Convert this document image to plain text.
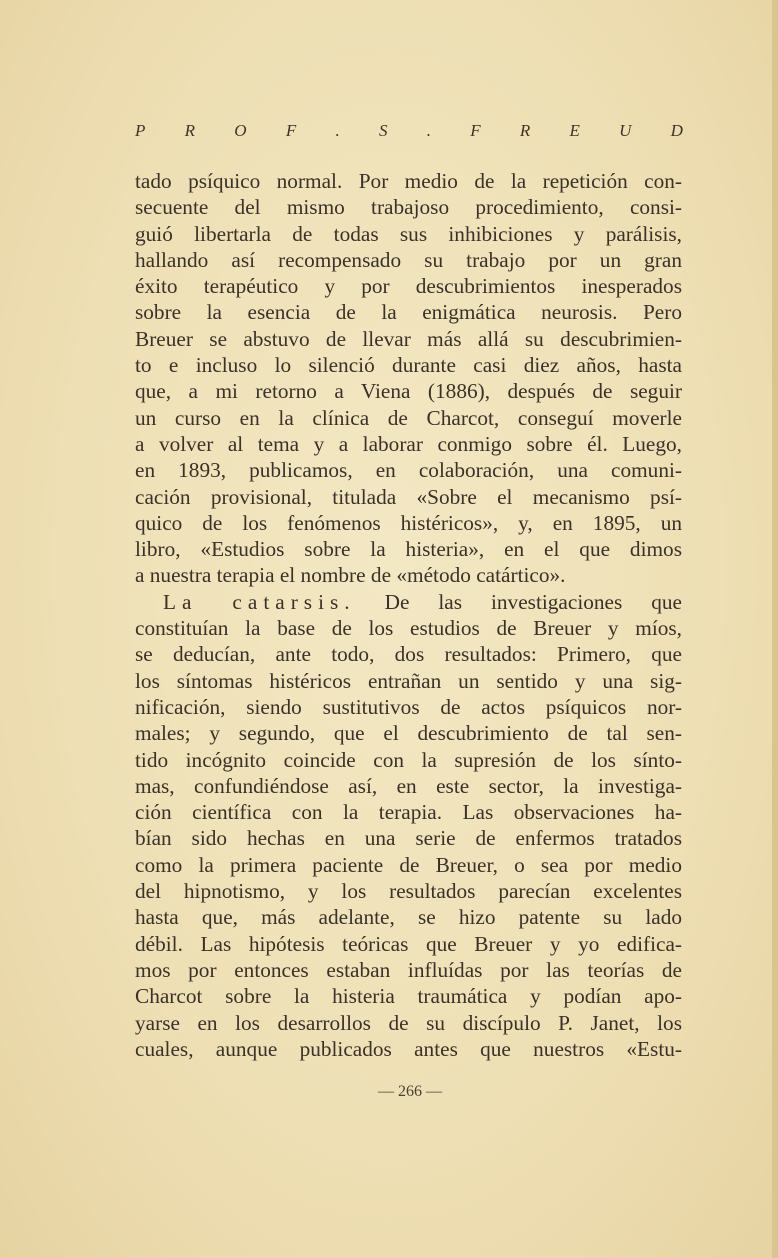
P R O F . S . F R E U D
tado psíquico normal. Por medio de la repetición con-
secuente del mismo trabajoso procedimiento, consi-
guió libertarla de todas sus inhibiciones y parálisis,
hallando así recompensado su trabajo por un gran
éxito terapéutico y por descubrimientos inesperados
sobre la esencia de la enigmática neurosis. Pero
Breuer se abstuvo de llevar más allá su descubrimien-
to e incluso lo silenció durante casi diez años, hasta
que, a mi retorno a Viena (1886), después de seguir
un curso en la clínica de Charcot, conseguí moverle
a volver al tema y a laborar conmigo sobre él. Luego,
en 1893, publicamos, en colaboración, una comuni-
cación provisional, titulada «Sobre el mecanismo psí-
quico de los fenómenos histéricos», y, en 1895, un
libro, «Estudios sobre la histeria», en el que dimos
a nuestra terapia el nombre de «método catártico».
La catarsis. De las investigaciones que
constituían la base de los estudios de Breuer y míos,
se deducían, ante todo, dos resultados: Primero, que
los síntomas histéricos entrañan un sentido y una sig-
nificación, siendo sustitutivos de actos psíquicos nor-
males; y segundo, que el descubrimiento de tal sen-
tido incógnito coincide con la supresión de los sínto-
mas, confundiéndose así, en este sector, la investiga-
ción científica con la terapia. Las observaciones ha-
bían sido hechas en una serie de enfermos tratados
como la primera paciente de Breuer, o sea por medio
del hipnotismo, y los resultados parecían excelentes
hasta que, más adelante, se hizo patente su lado
débil. Las hipótesis teóricas que Breuer y yo edifica-
mos por entonces estaban influídas por las teorías de
Charcot sobre la histeria traumática y podían apo-
yarse en los desarrollos de su discípulo P. Janet, los
cuales, aunque publicados antes que nuestros «Estu-
— 266 —
